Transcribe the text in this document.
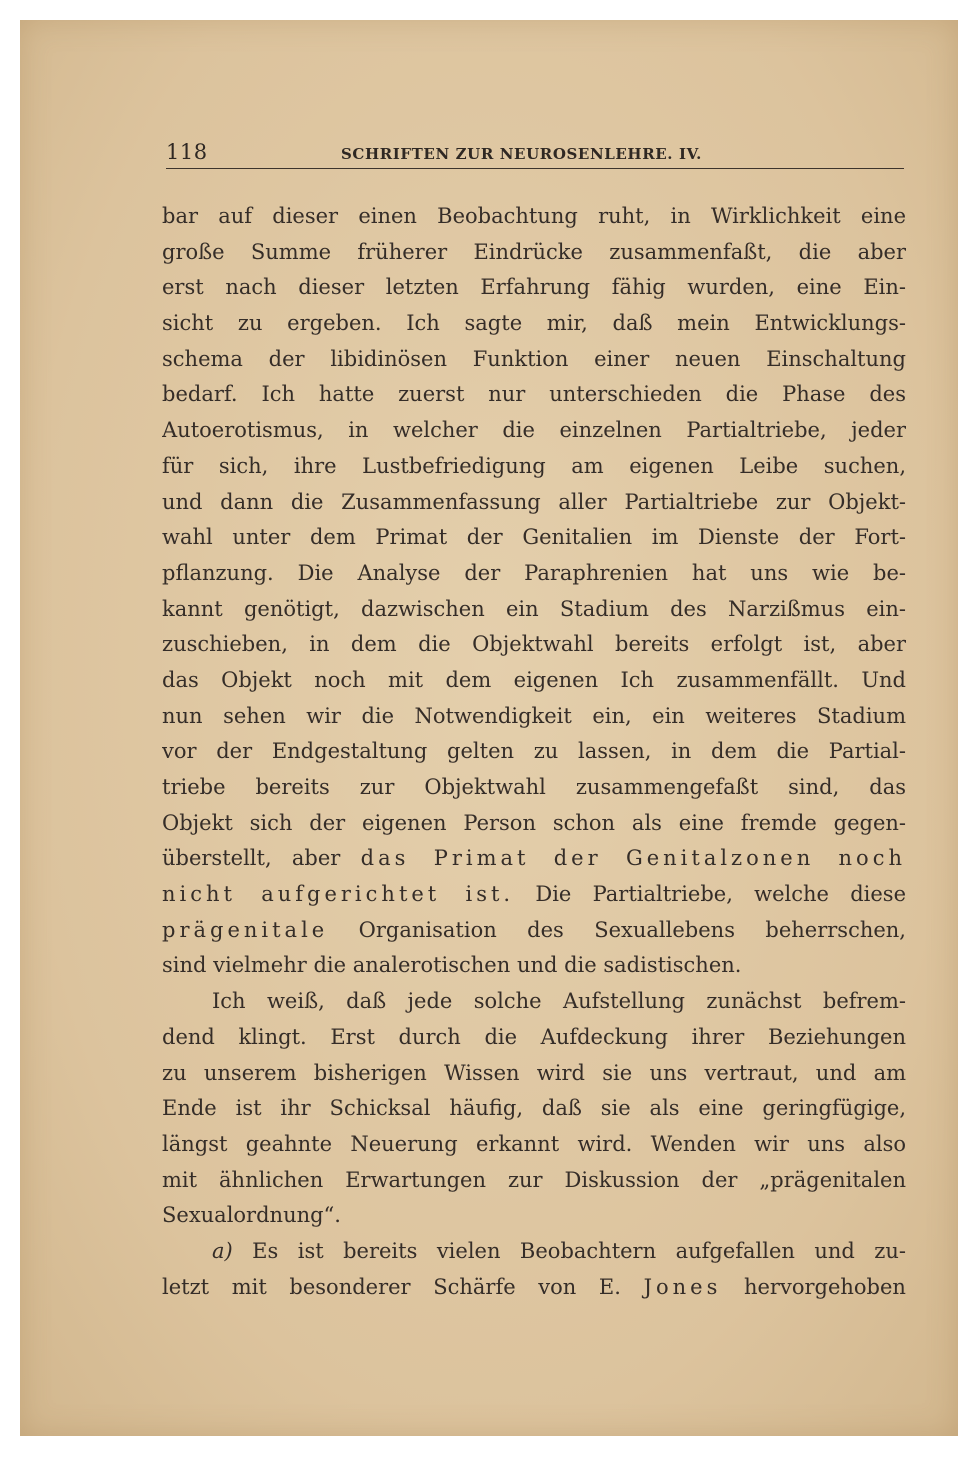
118	SCHRIFTEN ZUR NEUROSENLEHRE. IV.
bar auf dieser einen Beobachtung ruht, in Wirklichkeit eine
große Summe früherer Eindrücke zusammenfaßt, die aber
erst nach dieser letzten Erfahrung fähig wurden, eine Ein-
sicht zu ergeben. Ich sagte mir, daß mein Entwicklungs-
schema der libidinösen Funktion einer neuen Einschaltung
bedarf. Ich hatte zuerst nur unterschieden die Phase des
Autoerotismus, in welcher die einzelnen Partialtriebe, jeder
für sich, ihre Lustbefriedigung am eigenen Leibe suchen,
und dann die Zusammenfassung aller Partialtriebe zur Objekt-
wahl unter dem Primat der Genitalien im Dienste der Fort-
pflanzung. Die Analyse der Paraphrenien hat uns wie be-
kannt genötigt, dazwischen ein Stadium des Narzißmus ein-
zuschieben, in dem die Objektwahl bereits erfolgt ist, aber
das Objekt noch mit dem eigenen Ich zusammenfällt. Und
nun sehen wir die Notwendigkeit ein, ein weiteres Stadium
vor der Endgestaltung gelten zu lassen, in dem die Partial-
triebe bereits zur Objektwahl zusammengefaßt sind, das
Objekt sich der eigenen Person schon als eine fremde gegen-
überstellt, aber das Primat der Genitalzonen noch
nicht aufgerichtet ist. Die Partialtriebe, welche diese
prägenitale Organisation des Sexuallebens beherrschen,
sind vielmehr die analerotischen und die sadistischen.
Ich weiß, daß jede solche Aufstellung zunächst befrem-
dend klingt. Erst durch die Aufdeckung ihrer Beziehungen
zu unserem bisherigen Wissen wird sie uns vertraut, und am
Ende ist ihr Schicksal häufig, daß sie als eine geringfügige,
längst geahnte Neuerung erkannt wird. Wenden wir uns also
mit ähnlichen Erwartungen zur Diskussion der „prägenitalen
Sexualordnung“.
a) Es ist bereits vielen Beobachtern aufgefallen und zu-
letzt mit besonderer Schärfe von E. Jones hervorgehoben
